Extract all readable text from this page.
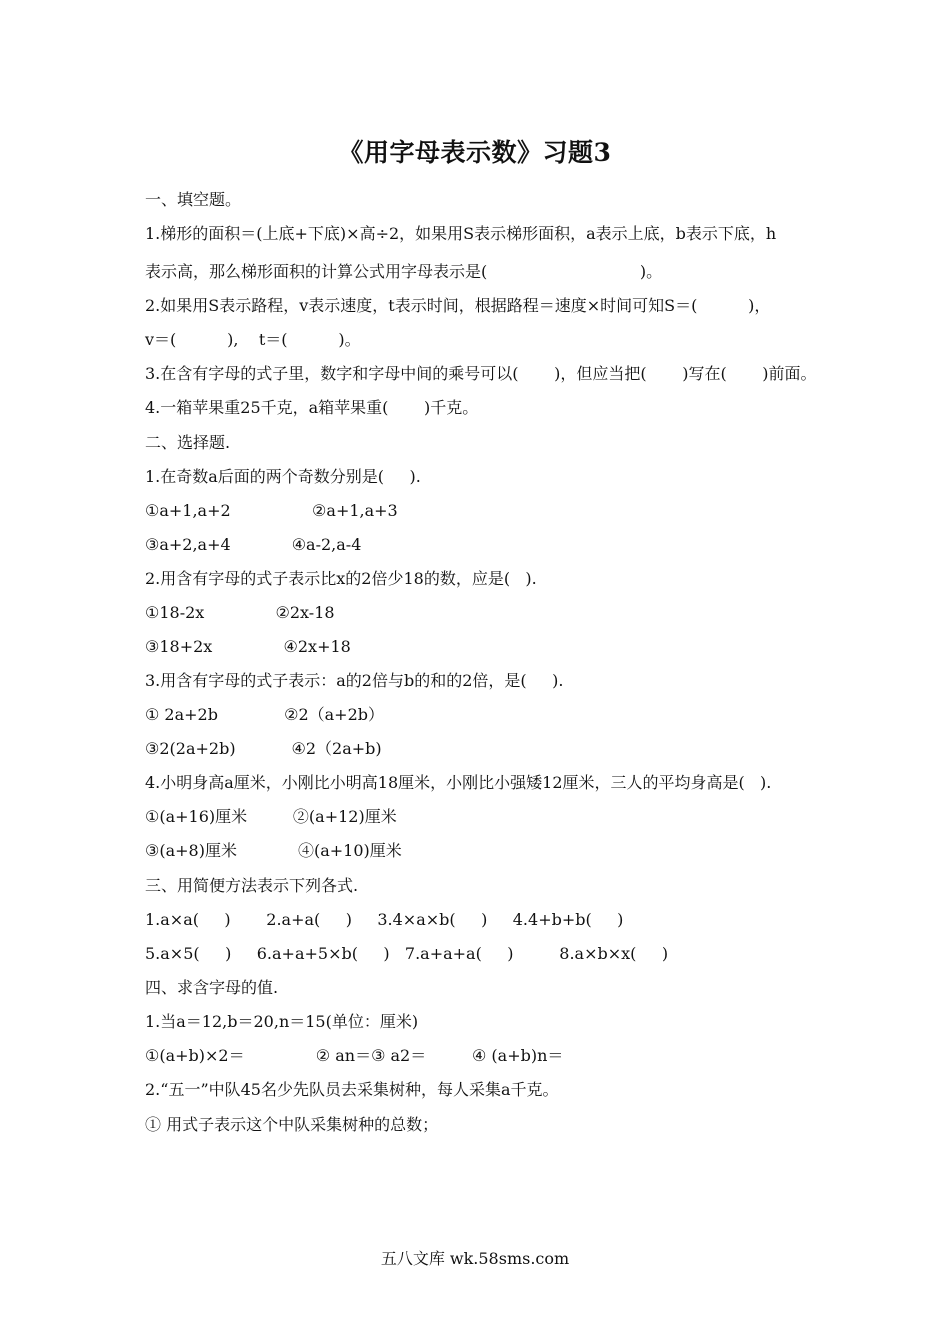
《用字母表示数》习题3
一、填空题。
1.梯形的面积＝(上底+下底)×高÷2，如果用S表示梯形面积，a表示上底，b表示下底，h
表示高，那么梯形面积的计算公式用字母表示是(                              )。
2.如果用S表示路程，v表示速度，t表示时间，根据路程＝速度×时间可知S＝(          )，
v＝(          ),    t＝(          )。
3.在含有字母的式子里，数字和字母中间的乘号可以(       )，但应当把(       )写在(       )前面。
4.一箱苹果重25千克，a箱苹果重(       )千克。
二、选择题.
1.在奇数a后面的两个奇数分别是(     ).
①a+1,a+2                ②a+1,a+3
③a+2,a+4            ④a-2,a-4
2.用含有字母的式子表示比x的2倍少18的数，应是(   ).
①18-2x              ②2x-18
③18+2x              ④2x+18
3.用含有字母的式子表示：a的2倍与b的和的2倍，是(     ).
① 2a+2b             ②2（a+2b）
③2(2a+2b)           ④2（2a+b)
4.小明身高a厘米，小刚比小明高18厘米，小刚比小强矮12厘米，三人的平均身高是(   ).
①(a+16)厘米         ②(a+12)厘米
③(a+8)厘米            ④(a+10)厘米
三、用简便方法表示下列各式.
1.a×a(     )       2.a+a(     )     3.4×a×b(     )     4.4+b+b(     )
5.a×5(     )     6.a+a+5×b(     )   7.a+a+a(     )         8.a×b×x(     )
四、求含字母的值.
1.当a＝12,b＝20,n＝15(单位：厘米)
①(a+b)×2＝              ② an＝③ a2＝         ④ (a+b)n＝
2.“五一”中队45名少先队员去采集树种，每人采集a千克。
① 用式子表示这个中队采集树种的总数；
五八文库 wk.58sms.com
